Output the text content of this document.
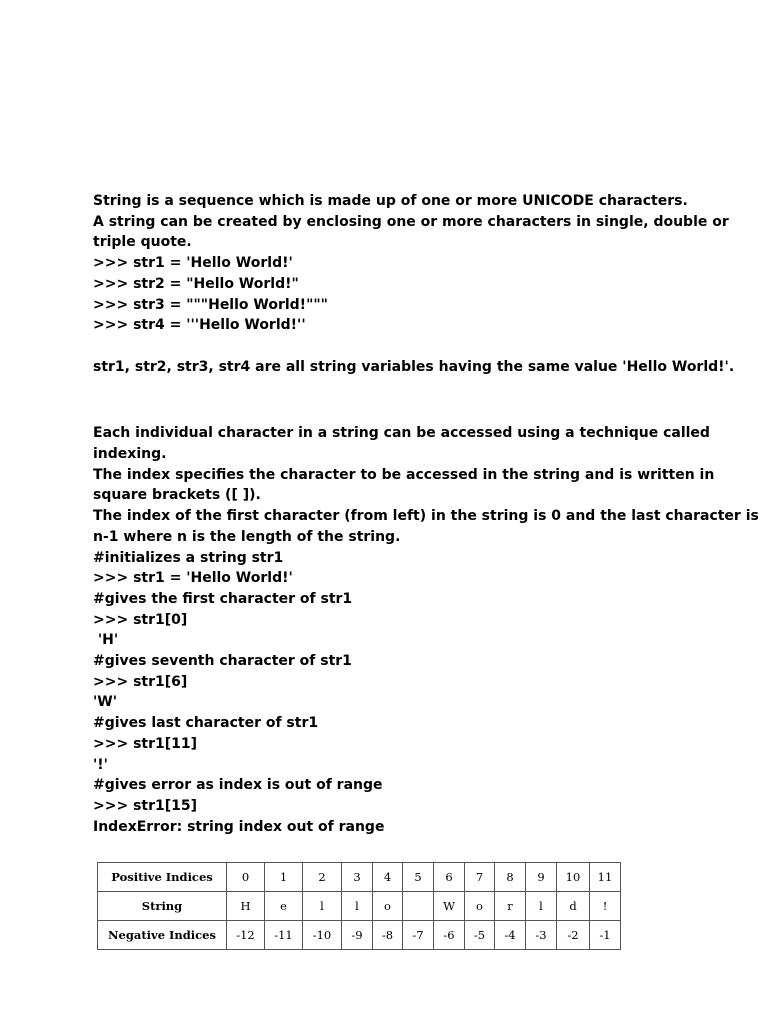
String is a sequence which is made up of one or more UNICODE characters.

A string can be created by enclosing one or more characters in single, double or

triple quote.

>>> str1 = 'Hello World!'

>>> str2 = "Hello World!"

>>> str3 = """Hello World!"""

>>> str4 = '''Hello World!''

str1, str2, str3, str4 are all string variables having the same value 'Hello World!'.

Each individual character in a string can be accessed using a technique called

indexing.

The index specifies the character to be accessed in the string and is written in

square brackets ([ ]).

The index of the first character (from left) in the string is 0 and the last character is

n-1 where n is the length of the string.

#initializes a string str1

>>> str1 = 'Hello World!'

#gives the first character of str1

>>> str1[0]

'H'

#gives seventh character of str1

>>> str1[6]

'W'

#gives last character of str1

>>> str1[11]

'!'

#gives error as index is out of range

>>> str1[15]

IndexError: string index out of range

Positive Indices	0	1	2	3	4	5	6	7	8	9	10	11
String	H	e	l	l	o		W	o	r	l	d	!
Negative Indices	-12	-11	-10	-9	-8	-7	-6	-5	-4	-3	-2	-1
